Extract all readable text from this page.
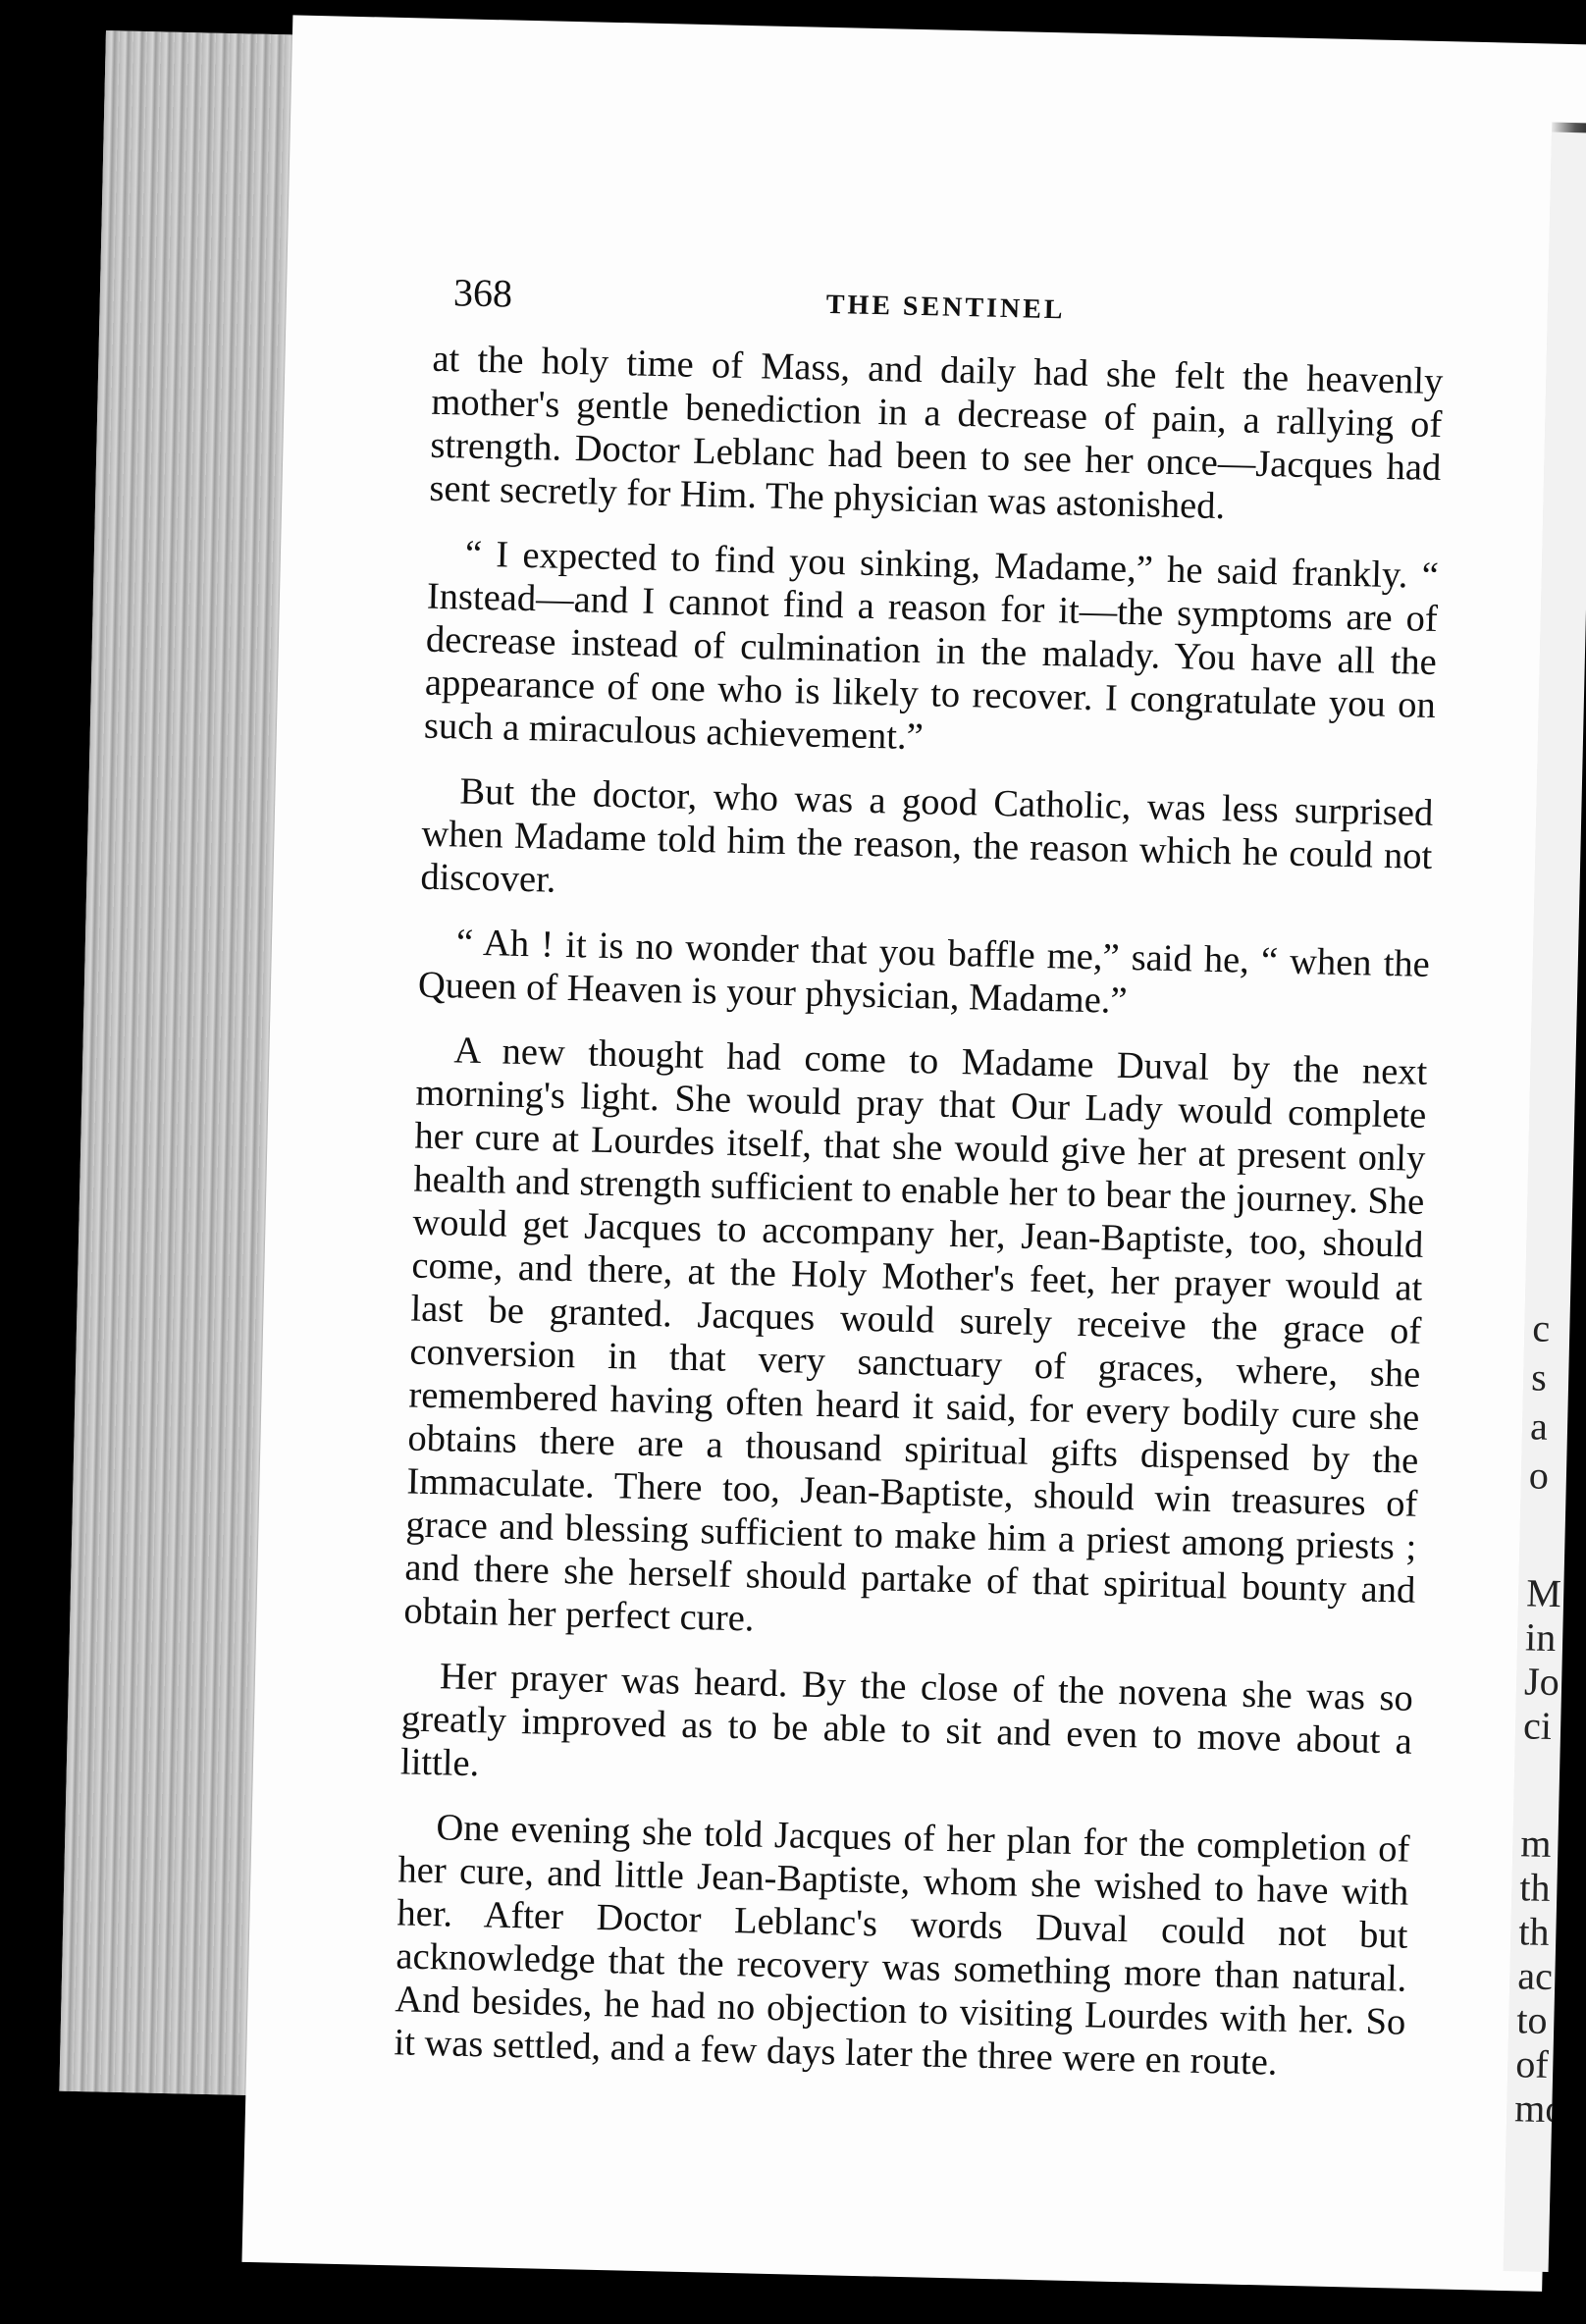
c
s
a
o
M
in
Jo
ci
m
th
th
ac
to
of
mo
368	THE SENTINEL

at the holy time of Mass, and daily had she felt the heavenly mother's gentle benediction in a decrease of pain, a rallying of strength. Doctor Leblanc had been to see her once—Jacques had sent secretly for Him. The physician was astonished.

“ I expected to find you sinking, Madame,” he said frankly. “ Instead—and I cannot find a reason for it—the symptoms are of decrease instead of culmination in the malady. You have all the appearance of one who is likely to recover. I congratulate you on such a miraculous achievement.”

But the doctor, who was a good Catholic, was less surprised when Madame told him the reason, the reason which he could not discover.

“ Ah ! it is no wonder that you baffle me,” said he, “ when the Queen of Heaven is your physician, Madame.”

A new thought had come to Madame Duval by the next morning's light. She would pray that Our Lady would complete her cure at Lourdes itself, that she would give her at present only health and strength sufficient to enable her to bear the journey. She would get Jacques to accompany her, Jean-Baptiste, too, should come, and there, at the Holy Mother's feet, her prayer would at last be granted. Jacques would surely receive the grace of conversion in that very sanctuary of graces, where, she remembered having often heard it said, for every bodily cure she obtains there are a thousand spiritual gifts dispensed by the Immaculate. There too, Jean-Baptiste, should win treasures of grace and blessing sufficient to make him a priest among priests ; and there she herself should partake of that spiritual bounty and obtain her perfect cure.

Her prayer was heard. By the close of the novena she was so greatly improved as to be able to sit and even to move about a little.

One evening she told Jacques of her plan for the completion of her cure, and little Jean-Baptiste, whom she wished to have with her. After Doctor Leblanc's words Duval could not but acknowledge that the recovery was something more than natural. And besides, he had no objection to visiting Lourdes with her. So it was settled, and a few days later the three were en route.
